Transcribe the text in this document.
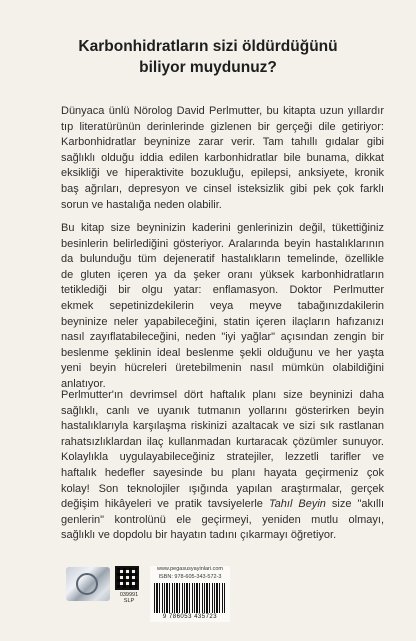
Karbonhidratların sizi öldürdüğünü
biliyor muydunuz?
Dünyaca ünlü Nörolog David Perlmutter, bu kitapta uzun yıllardır
tıp literatürünün derinlerinde gizlenen bir gerçeği dile getiriyor:
Karbonhidratlar beyninize zarar verir. Tam tahıllı gıdalar gibi
sağlıklı olduğu iddia edilen karbonhidratlar bile bunama, dikkat
eksikliği ve hiperaktivite bozukluğu, epilepsi, anksiyete, kronik
baş ağrıları, depresyon ve cinsel isteksizlik gibi pek çok farklı
sorun ve hastalığa neden olabilir.
Bu kitap size beyninizin kaderini genlerinizin değil, tükettiğiniz
besinlerin belirlediğini gösteriyor. Aralarında beyin hastalıklarının
da bulunduğu tüm dejeneratif hastalıkların temelinde, özellikle
de gluten içeren ya da şeker oranı yüksek karbonhidratların
tetiklediği bir olgu yatar: enflamasyon. Doktor Perlmutter
ekmek sepetinizdekilerin veya meyve tabağınızdakilerin
beyninize neler yapabileceğini, statin içeren ilaçların hafızanızı
nasıl zayıflatabileceğini, neden "iyi yağlar" açısından zengin bir
beslenme şeklinin ideal beslenme şekli olduğunu ve her yaşta
yeni beyin hücreleri üretebilmenin nasıl mümkün olabildiğini
anlatıyor.
Perlmutter'ın devrimsel dört haftalık planı size beyninizi daha
sağlıklı, canlı ve uyanık tutmanın yollarını gösterirken beyin
hastalıklarıyla karşılaşma riskinizi azaltacak ve sizi sık rastlanan
rahatsızlıklardan ilaç kullanmadan kurtaracak çözümler sunuyor.
Kolaylıkla uygulayabileceğiniz stratejiler, lezzetli tarifler ve
haftalık hedefler sayesinde bu planı hayata geçirmeniz çok
kolay! Son teknolojiler ışığında yapılan araştırmalar, gerçek
değişim hikâyeleri ve pratik tavsiyelerle Tahıl Beyin size "akıllı
genlerin" kontrolünü ele geçirmeyi, yeniden mutlu olmayı,
sağlıklı ve dopdolu bir hayatın tadını çıkarmayı öğretiyor.
039991
SLP
www.pegasusyayinlari.com
ISBN: 978-605-343-572-3
9 786053 435723
